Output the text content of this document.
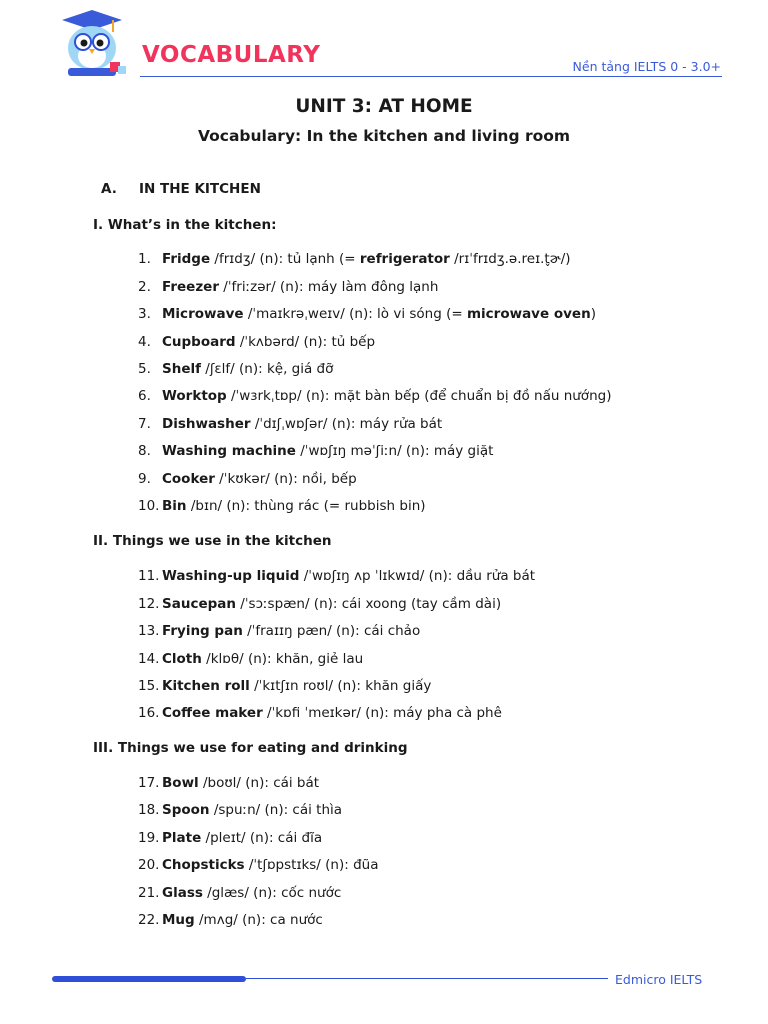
VOCABULARY	Nền tảng IELTS 0 - 3.0+
UNIT 3: AT HOME
Vocabulary: In the kitchen and living room
A. IN THE KITCHEN
I. What’s in the kitchen:
II. Things we use in the kitchen
III. Things we use for eating and drinking
1. Fridge /frɪdʒ/ (n): tủ lạnh (= refrigerator /rɪˈfrɪdʒ.ə.reɪ.t̬ɚ/)
2. Freezer /ˈfriːzər/ (n): máy làm đông lạnh
3. Microwave /ˈmaɪkrəˌweɪv/ (n): lò vi sóng (= microwave oven)
4. Cupboard /ˈkʌbərd/ (n): tủ bếp
5. Shelf /ʃɛlf/ (n): kệ, giá đỡ
6. Worktop /ˈwɜrkˌtɒp/ (n): mặt bàn bếp (để chuẩn bị đồ nấu nướng)
7. Dishwasher /ˈdɪʃˌwɒʃər/ (n): máy rửa bát
8. Washing machine /ˈwɒʃɪŋ məˈʃiːn/ (n): máy giặt
9. Cooker /ˈkʊkər/ (n): nồi, bếp
10. Bin /bɪn/ (n): thùng rác (= rubbish bin)
11. Washing-up liquid /ˈwɒʃɪŋ ʌp ˈlɪkwɪd/ (n): dầu rửa bát
12. Saucepan /ˈsɔːspæn/ (n): cái xoong (tay cầm dài)
13. Frying pan /ˈfraɪɪŋ pæn/ (n): cái chảo
14. Cloth /klɒθ/ (n): khăn, giẻ lau
15. Kitchen roll /ˈkɪtʃɪn roʊl/ (n): khăn giấy
16. Coffee maker /ˈkɒfi ˈmeɪkər/ (n): máy pha cà phê
17. Bowl /boʊl/ (n): cái bát
18. Spoon /spuːn/ (n): cái thìa
19. Plate /pleɪt/ (n): cái đĩa
20. Chopsticks /ˈtʃɒpstɪks/ (n): đũa
21. Glass /glæs/ (n): cốc nước
22. Mug /mʌg/ (n): ca nước
Edmicro IELTS
